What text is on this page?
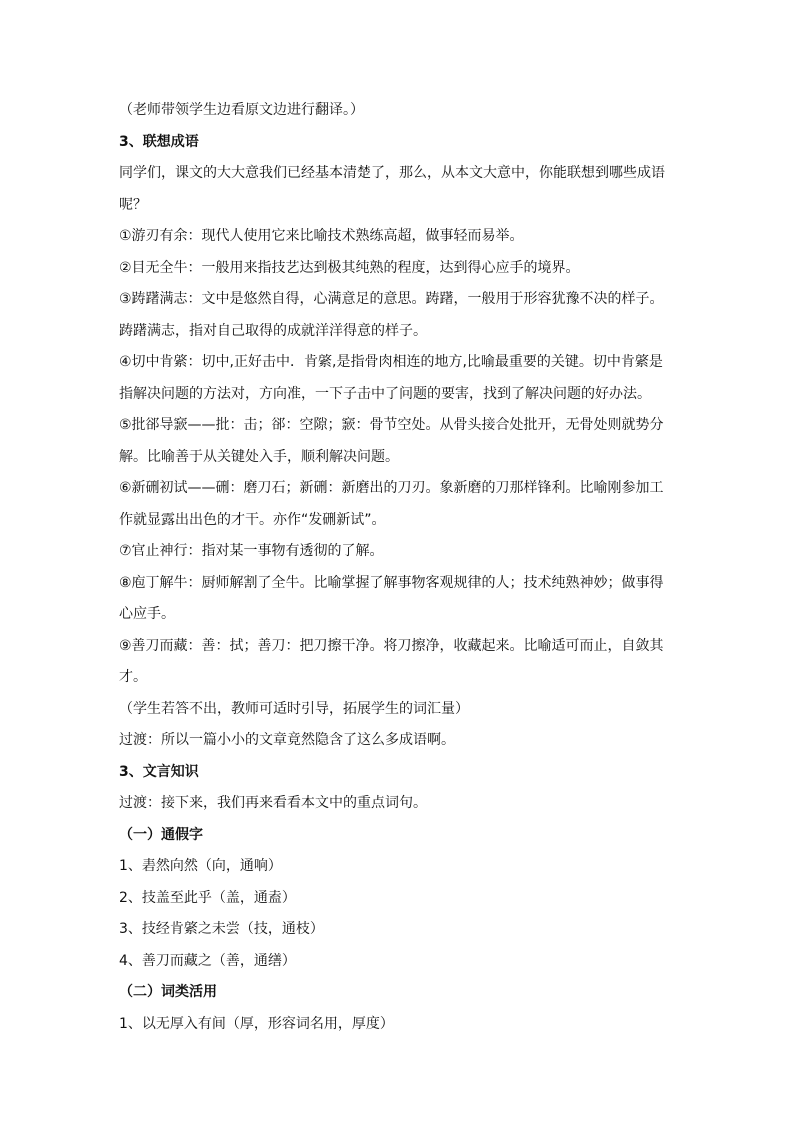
（老师带领学生边看原文边进行翻译。）
3、联想成语
同学们，课文的大大意我们已经基本清楚了，那么，从本文大意中，你能联想到哪些成语
呢？
①游刃有余：现代人使用它来比喻技术熟练高超，做事轻而易举。
②目无全牛：一般用来指技艺达到极其纯熟的程度，达到得心应手的境界。
③踌躇满志：文中是悠然自得，心满意足的意思。踌躇，一般用于形容犹豫不决的样子。
踌躇满志，指对自己取得的成就洋洋得意的样子。
④切中肯綮：切中,正好击中．肯綮,是指骨肉相连的地方,比喻最重要的关键。切中肯綮是
指解决问题的方法对，方向准，一下子击中了问题的要害，找到了解决问题的好办法。
⑤批郤导窾——批：击；郤：空隙；窾：骨节空处。从骨头接合处批开，无骨处则就势分
解。比喻善于从关键处入手，顺利解决问题。
⑥新硎初试——硎：磨刀石；新硎：新磨出的刀刃。象新磨的刀那样锋利。比喻刚参加工
作就显露出出色的才干。亦作“发硎新试”。
⑦官止神行：指对某一事物有透彻的了解。
⑧庖丁解牛：厨师解割了全牛。比喻掌握了解事物客观规律的人；技术纯熟神妙；做事得
心应手。
⑨善刀而藏：善：拭；善刀：把刀擦干净。将刀擦净，收藏起来。比喻适可而止，自敛其
才。
（学生若答不出，教师可适时引导，拓展学生的词汇量）
过渡：所以一篇小小的文章竟然隐含了这么多成语啊。
3、文言知识
过渡：接下来，我们再来看看本文中的重点词句。
（一）通假字
1、砉然向然（向，通响）
2、技盖至此乎（盖，通盍）
3、技经肯綮之未尝（技，通枝）
4、善刀而藏之（善，通缮）
（二）词类活用
1、以无厚入有间（厚，形容词名用，厚度）
